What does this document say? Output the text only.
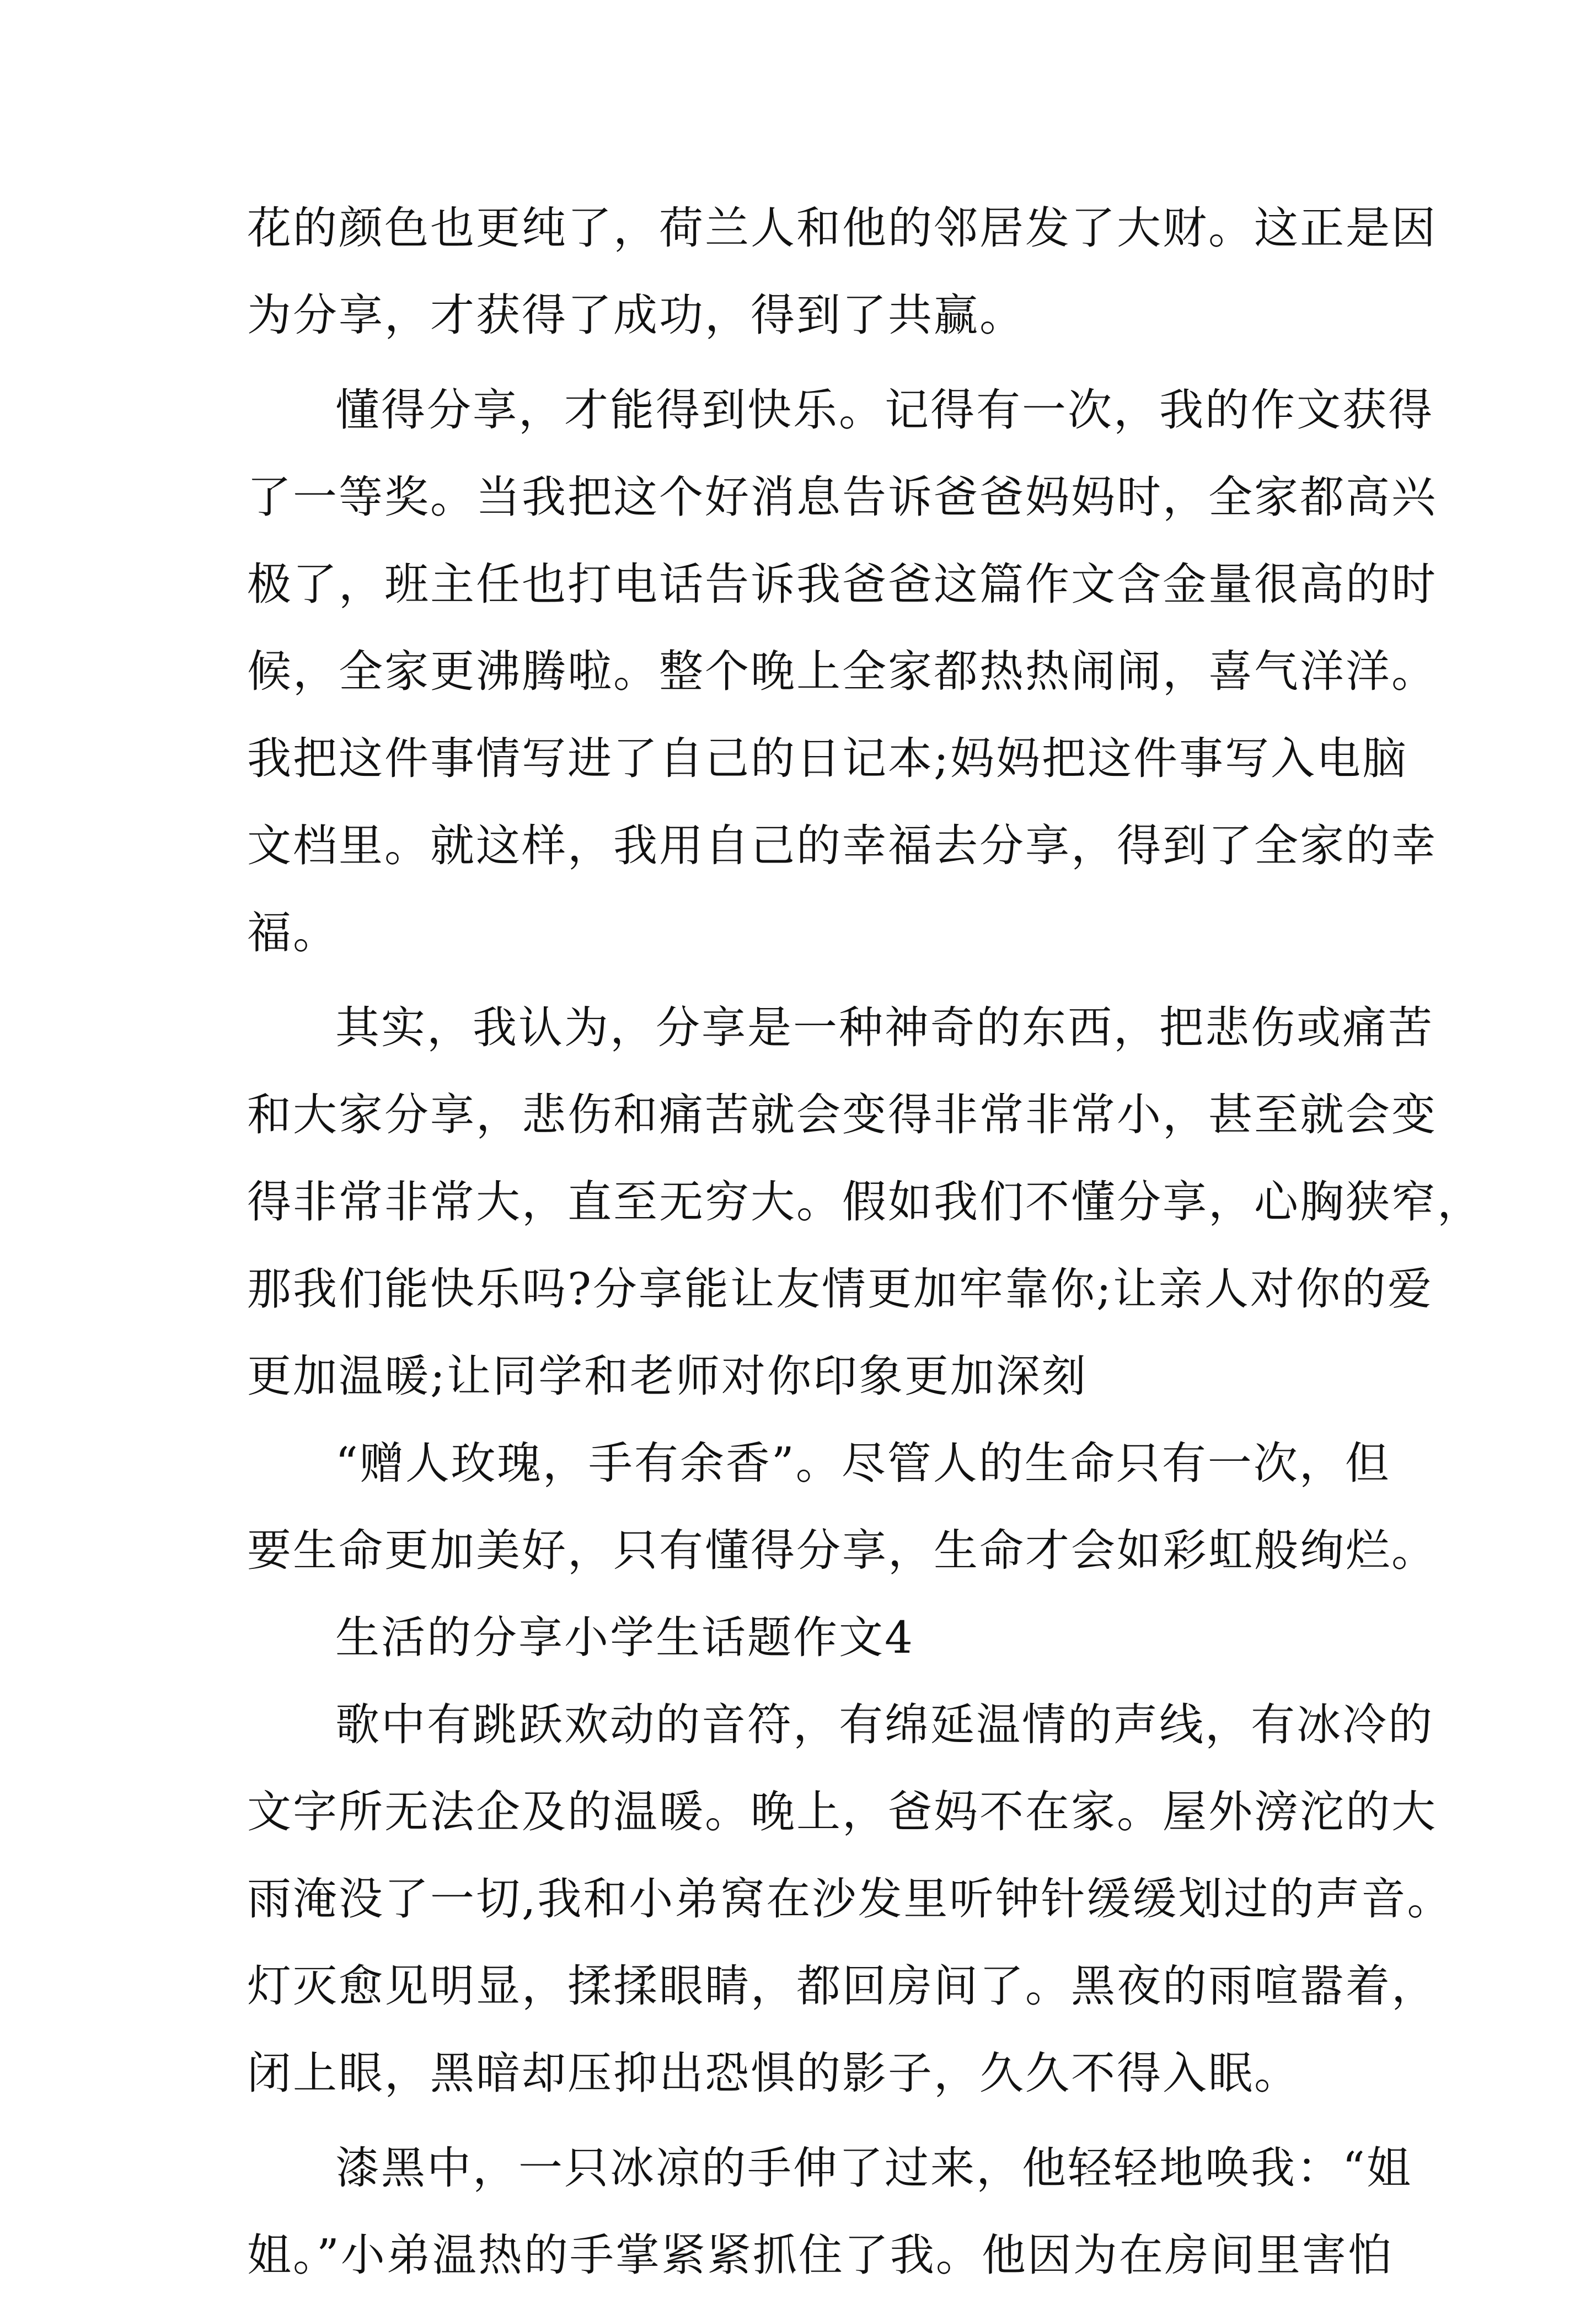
花的颜色也更纯了，荷兰人和他的邻居发了大财。这正是因
为分享，才获得了成功，得到了共赢。
懂得分享，才能得到快乐。记得有一次，我的作文获得
了一等奖。当我把这个好消息告诉爸爸妈妈时，全家都高兴
极了，班主任也打电话告诉我爸爸这篇作文含金量很高的时
候，全家更沸腾啦。整个晚上全家都热热闹闹，喜气洋洋。
我把这件事情写进了自己的日记本;妈妈把这件事写入电脑
文档里。就这样，我用自己的幸福去分享，得到了全家的幸
福。
其实，我认为，分享是一种神奇的东西，把悲伤或痛苦
和大家分享，悲伤和痛苦就会变得非常非常小，甚至就会变
得非常非常大，直至无穷大。假如我们不懂分享，心胸狭窄，
那我们能快乐吗?分享能让友情更加牢靠你;让亲人对你的爱
更加温暖;让同学和老师对你印象更加深刻
“赠人玫瑰，手有余香”。尽管人的生命只有一次，但
要生命更加美好，只有懂得分享，生命才会如彩虹般绚烂。
生活的分享小学生话题作文4
歌中有跳跃欢动的音符，有绵延温情的声线，有冰冷的
文字所无法企及的温暖。晚上，爸妈不在家。屋外滂沱的大
雨淹没了一切,我和小弟窝在沙发里听钟针缓缓划过的声音。
灯灭愈见明显，揉揉眼睛，都回房间了。黑夜的雨喧嚣着，
闭上眼，黑暗却压抑出恐惧的影子，久久不得入眠。
漆黑中，一只冰凉的手伸了过来，他轻轻地唤我：“姐
姐。”小弟温热的手掌紧紧抓住了我。他因为在房间里害怕
